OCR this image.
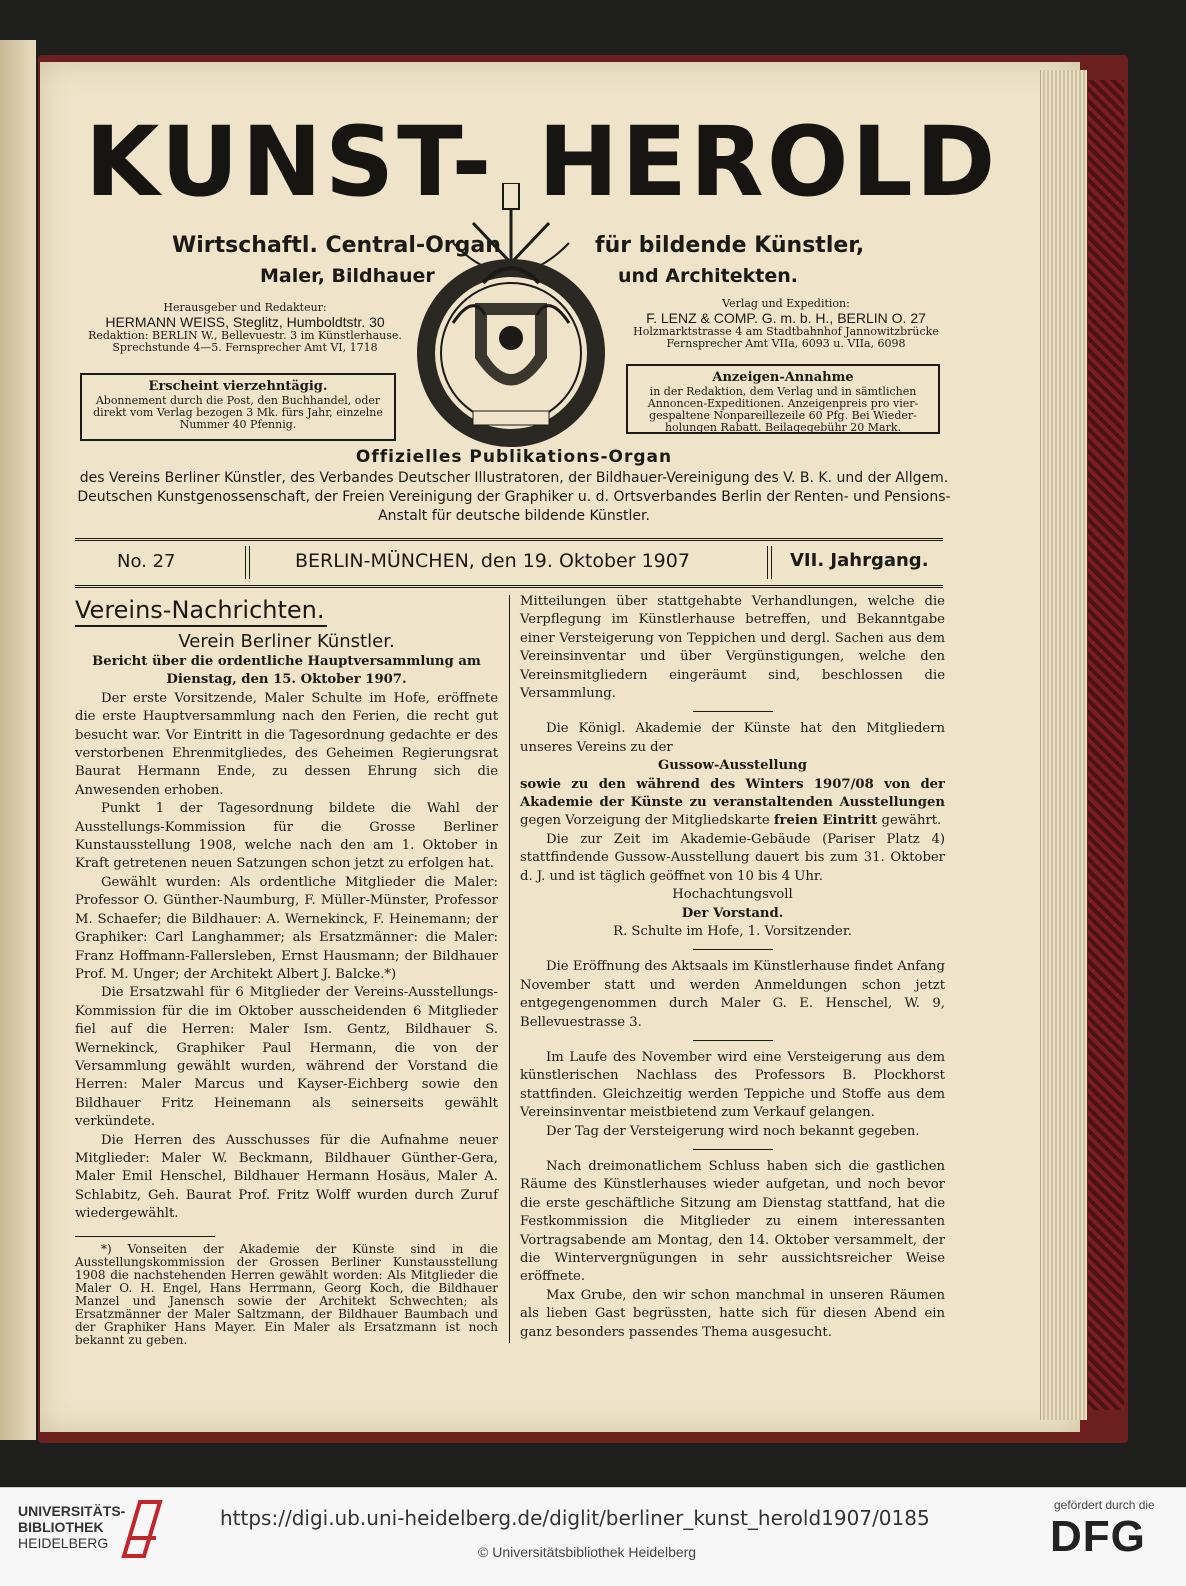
KUNST- HEROLD
Wirtschaftl. Central-Organ
Maler, Bildhauer
für bildende Künstler,
und Architekten.
Herausgeber und Redakteur:
HERMANN WEISS, Steglitz, Humboldtstr. 30
Redaktion: BERLIN W., Bellevuestr. 3 im Künstlerhause.
Sprechstunde 4—5. Fernsprecher Amt VI, 1718
Verlag und Expedition:
F. LENZ & COMP. G. m. b. H., BERLIN O. 27
Holzmarktstrasse 4 am Stadtbahnhof Jannowitzbrücke
Fernsprecher Amt VIIa, 6093 u. VIIa, 6098
Erscheint vierzehntägig.
Abonnement durch die Post, den Buchhandel, oder direkt vom Verlag bezogen 3 Mk. fürs Jahr, einzelne Nummer 40 Pfennig.
Anzeigen-Annahme
in der Redaktion, dem Verlag und in sämtlichen Annoncen-Expeditionen. Anzeigenpreis pro vier-gespaltene Nonpareillezeile 60 Pfg. Bei Wieder-holungen Rabatt. Beilagegebühr 20 Mark.
Offizielles Publikations-Organ
des Vereins Berliner Künstler, des Verbandes Deutscher Illustratoren, der Bildhauer-Vereinigung des V. B. K. und der Allgem. Deutschen Kunstgenossenschaft, der Freien Vereinigung der Graphiker u. d. Ortsverbandes Berlin der Renten- und Pensions-Anstalt für deutsche bildende Künstler.
No. 27	BERLIN-MÜNCHEN, den 19. Oktober 1907	VII. Jahrgang.
Vereins-Nachrichten.
Verein Berliner Künstler.

Bericht über die ordentliche Hauptversammlung am Dienstag, den 15. Oktober 1907.

Der erste Vorsitzende, Maler Schulte im Hofe, eröffnete die erste Hauptversammlung nach den Ferien, die recht gut besucht war. Vor Eintritt in die Tagesordnung gedachte er des verstorbenen Ehrenmitgliedes, des Geheimen Regierungsrat Baurat Hermann Ende, zu dessen Ehrung sich die Anwesenden erhoben.

Punkt 1 der Tagesordnung bildete die Wahl der Ausstellungs-Kommission für die Grosse Berliner Kunstausstellung 1908, welche nach den am 1. Oktober in Kraft getretenen neuen Satzungen schon jetzt zu erfolgen hat.

Gewählt wurden: Als ordentliche Mitglieder die Maler: Professor O. Günther-Naumburg, F. Müller-Münster, Professor M. Schaefer; die Bildhauer: A. Wernekinck, F. Heinemann; der Graphiker: Carl Langhammer; als Ersatzmänner: die Maler: Franz Hoffmann-Fallersleben, Ernst Hausmann; der Bildhauer Prof. M. Unger; der Architekt Albert J. Balcke.*)

Die Ersatzwahl für 6 Mitglieder der Vereins-Ausstellungs-Kommission für die im Oktober ausscheidenden 6 Mitglieder fiel auf die Herren: Maler Ism. Gentz, Bildhauer S. Wernekinck, Graphiker Paul Hermann, die von der Versammlung gewählt wurden, während der Vorstand die Herren: Maler Marcus und Kayser-Eichberg sowie den Bildhauer Fritz Heinemann als seinerseits gewählt verkündete.

Die Herren des Ausschusses für die Aufnahme neuer Mitglieder: Maler W. Beckmann, Bildhauer Günther-Gera, Maler Emil Henschel, Bildhauer Hermann Hosäus, Maler A. Schlabitz, Geh. Baurat Prof. Fritz Wolff wurden durch Zuruf wiedergewählt.

*) Vonseiten der Akademie der Künste sind in die Ausstellungskommission der Grossen Berliner Kunstausstellung 1908 die nachstehenden Herren gewählt worden: Als Mitglieder die Maler O. H. Engel, Hans Herrmann, Georg Koch, die Bildhauer Manzel und Janensch sowie der Architekt Schwechten; als Ersatzmänner der Maler Saltzmann, der Bildhauer Baumbach und der Graphiker Hans Mayer. Ein Maler als Ersatzmann ist noch bekannt zu geben.

Mitteilungen über stattgehabte Verhandlungen, welche die Verpflegung im Künstlerhause betreffen, und Bekanntgabe einer Versteigerung von Teppichen und dergl. Sachen aus dem Vereinsinventar und über Vergünstigungen, welche den Vereinsmitgliedern eingeräumt sind, beschlossen die Versammlung.

Die Königl. Akademie der Künste hat den Mitgliedern unseres Vereins zu der

Gussow-Ausstellung

sowie zu den während des Winters 1907/08 von der Akademie der Künste zu veranstaltenden Ausstellungen gegen Vorzeigung der Mitgliedskarte freien Eintritt gewährt.

Die zur Zeit im Akademie-Gebäude (Pariser Platz 4) stattfindende Gussow-Ausstellung dauert bis zum 31. Oktober d. J. und ist täglich geöffnet von 10 bis 4 Uhr.

Hochachtungsvoll

Der Vorstand.

R. Schulte im Hofe, 1. Vorsitzender.

Die Eröffnung des Aktsaals im Künstlerhause findet Anfang November statt und werden Anmeldungen schon jetzt entgegengenommen durch Maler G. E. Henschel, W. 9, Bellevuestrasse 3.

Im Laufe des November wird eine Versteigerung aus dem künstlerischen Nachlass des Professors B. Plockhorst stattfinden. Gleichzeitig werden Teppiche und Stoffe aus dem Vereinsinventar meistbietend zum Verkauf gelangen.

Der Tag der Versteigerung wird noch bekannt gegeben.

Nach dreimonatlichem Schluss haben sich die gastlichen Räume des Künstlerhauses wieder aufgetan, und noch bevor die erste geschäftliche Sitzung am Dienstag stattfand, hat die Festkommission die Mitglieder zu einem interessanten Vortragsabende am Montag, den 14. Oktober versammelt, der die Wintervergnügungen in sehr aussichtsreicher Weise eröffnete.

Max Grube, den wir schon manchmal in unseren Räumen als lieben Gast begrüssten, hatte sich für diesen Abend ein ganz besonders passendes Thema ausgesucht.

UNIVERSITÄTS-
BIBLIOTHEK
HEIDELBERG
https://digi.ub.uni-heidelberg.de/diglit/berliner_kunst_herold1907/0185
© Universitätsbibliothek Heidelberg
gefördert durch die
DFG
